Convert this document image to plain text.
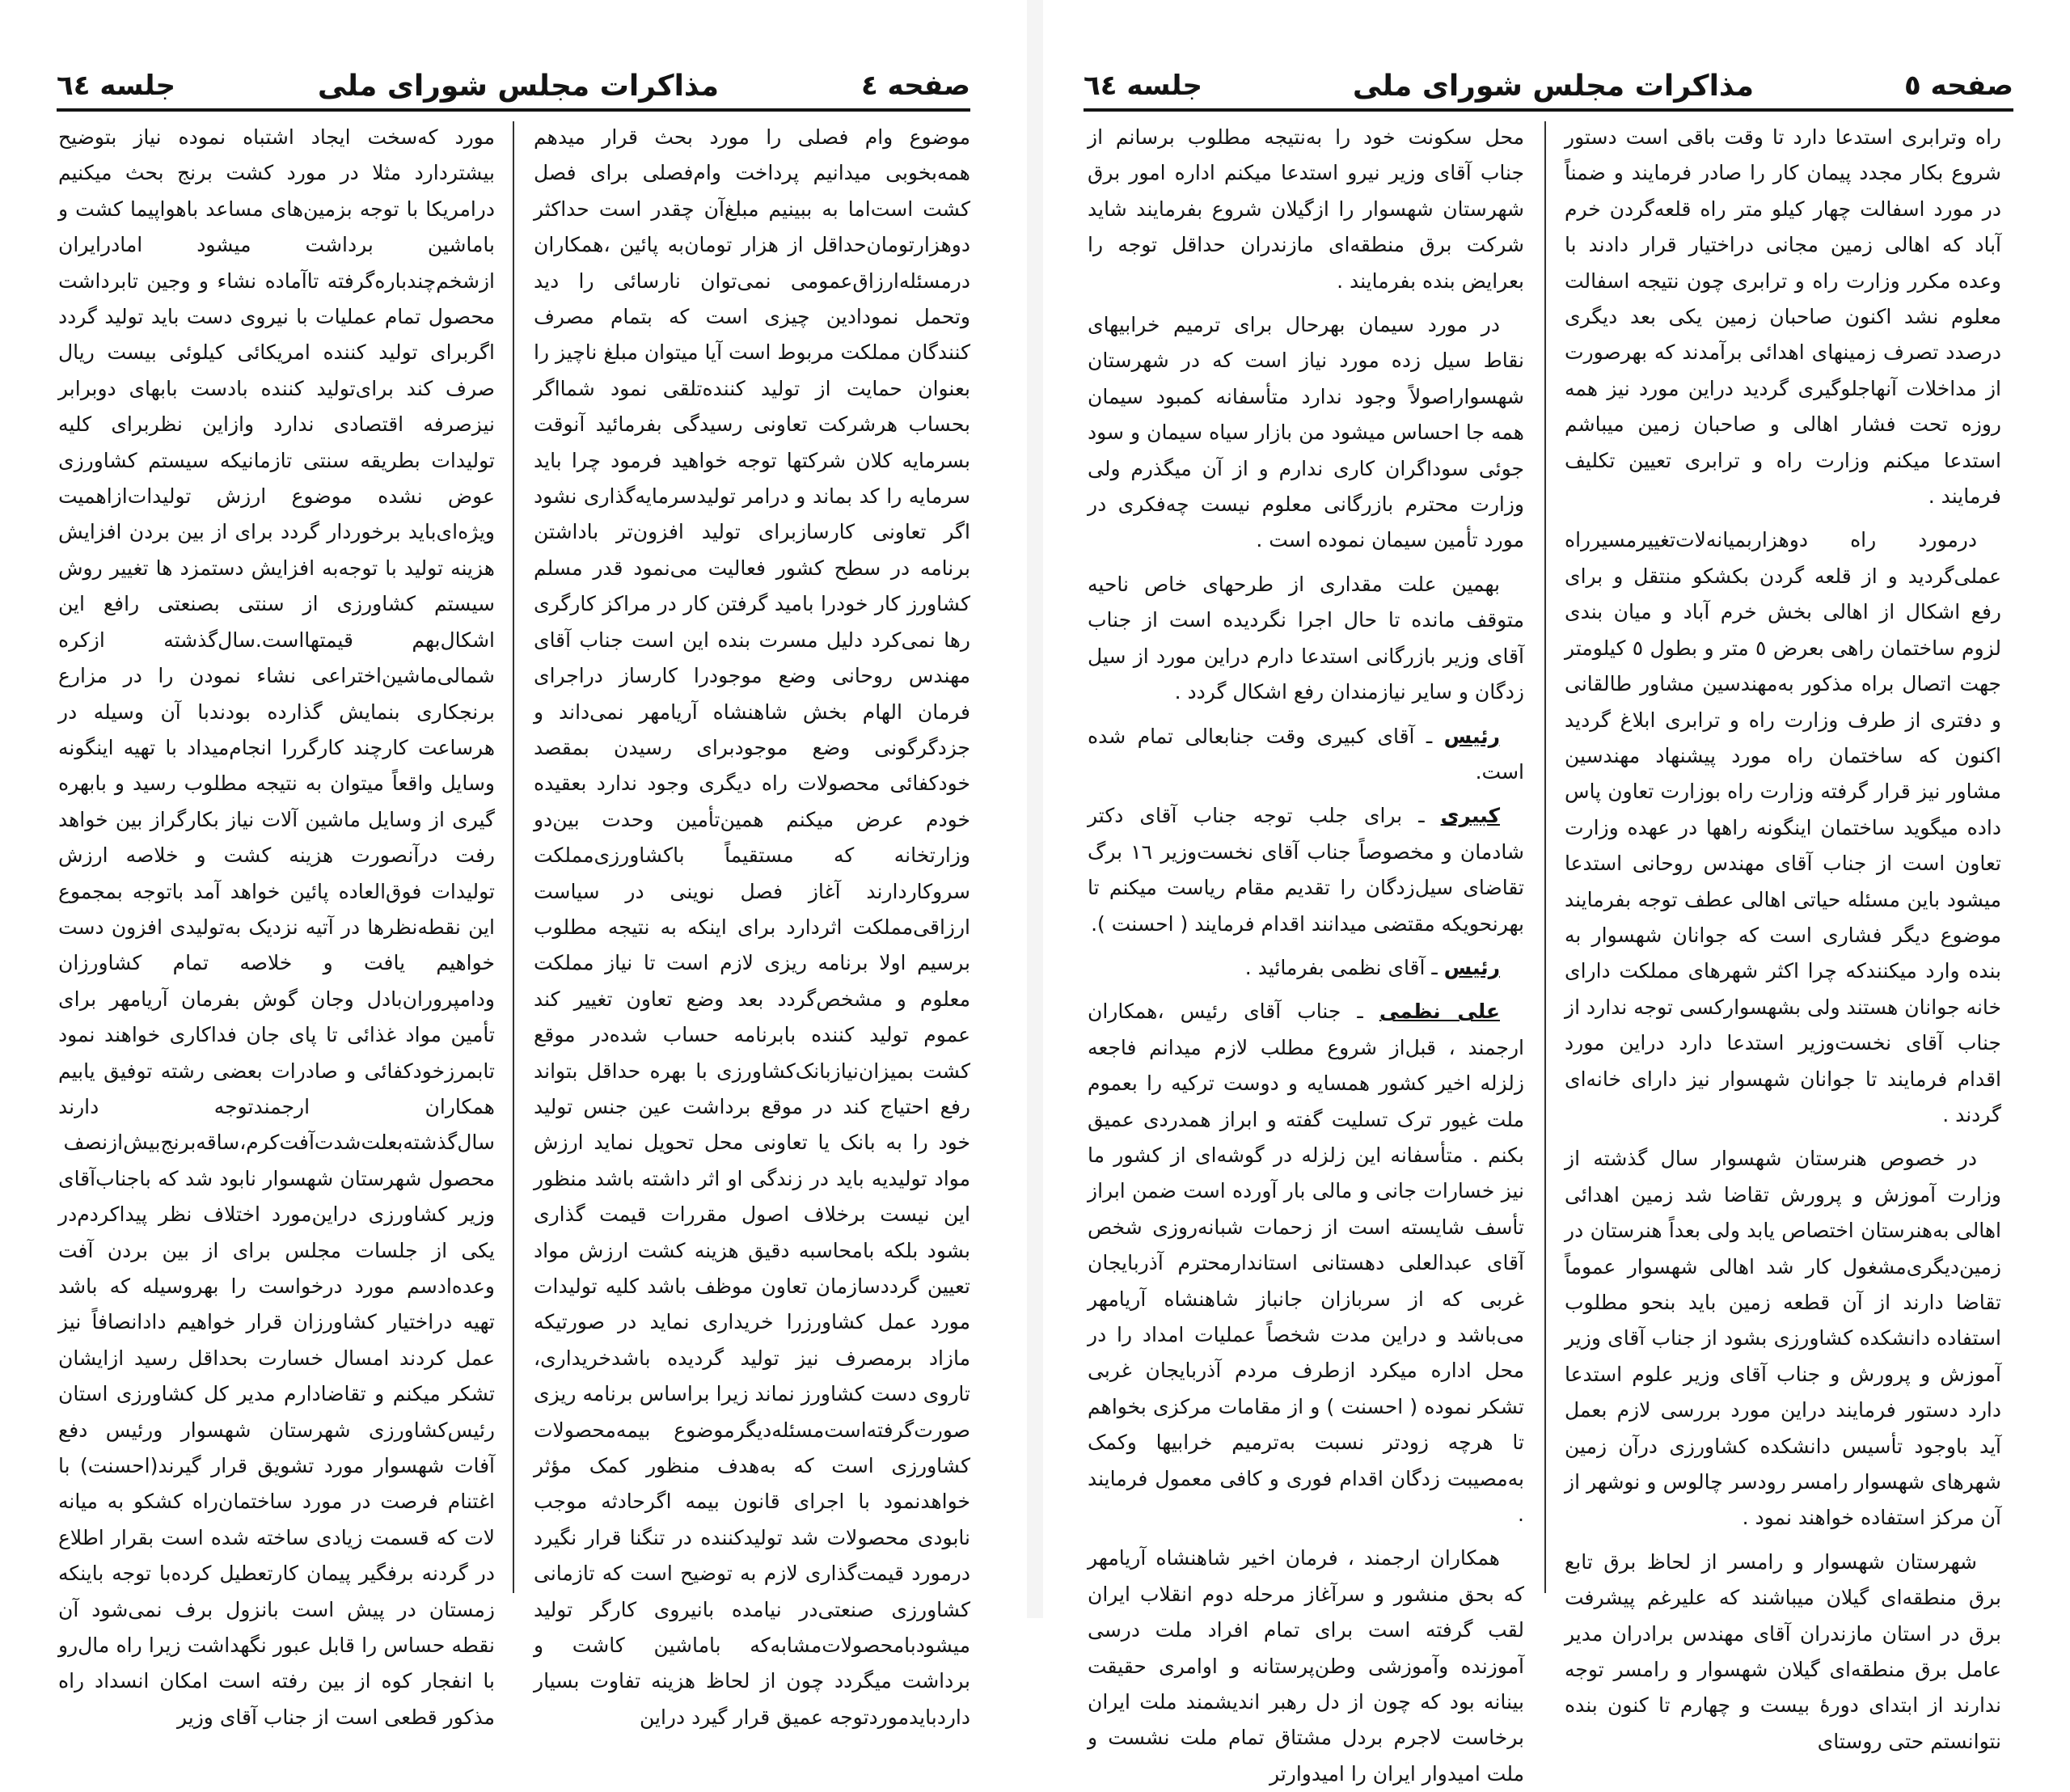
صفحه ٤
مذاکرات مجلس شورای ملی
جلسه ٦٤

موضوع وام فصلی را مورد بحث قرار میدهم همه‌بخوبی میدانیم پرداخت وام‌فصلی برای فصل کشت است‌اما به ببینیم مبلغ‌آن چقدر است حداکثر دوهزارتومان‌حداقل از هزار تومان‌به پائین ،همکاران درمسئله‌ارزاق‌عمومی نمی‌توان نارسائی را دید وتحمل نمودادین چیزی است که بتمام مصرف کنندگان مملکت مربوط است آیا میتوان مبلغ ناچیز را بعنوان حمایت از تولید کننده‌تلقی نمود شمااگر بحساب هرشرکت تعاونی رسیدگی بفرمائید آنوقت بسرمایه کلان شرکتها توجه خواهید فرمود چرا باید سرمایه را کد بماند و درامر تولیدسرمایه‌گذاری نشود اگر تعاونی کارسازبرای تولید افزون‌تر باداشتن برنامه در سطح کشور فعالیت می‌نمود قدر مسلم کشاورز کار خودرا بامید گرفتن کار در مراکز کارگری رها نمی‌کرد دلیل مسرت بنده این است جناب آقای مهندس روحانی وضع موجودرا کارساز دراجرای فرمان الهام بخش شاهنشاه آریامهر نمی‌داند و جزدگرگونی وضع موجودبرای رسیدن بمقصد خودکفائی محصولات راه دیگری وجود ندارد بعقیده خودم عرض میکنم همین‌تأمین وحدت بین‌دو وزارتخانه که مستقیماً باکشاورزی‌مملکت سروکاردارند آغاز فصل نوینی در سیاست ارزاقی‌مملکت اثردارد برای اینکه به نتیجه مطلوب برسیم اولا برنامه ریزی لازم است تا نیاز مملکت معلوم و مشخص‌گردد بعد وضع تعاون تغییر کند عموم تولید کننده بابرنامه حساب شده‌در موقع کشت بمیزان‌نیازبانک‌کشاورزی با بهره حداقل بتواند رفع احتیاج کند در موقع برداشت عین جنس تولید خود را به بانک یا تعاونی محل تحویل نماید ارزش مواد تولیدیه باید در زندگی او اثر داشته باشد منظور این نیست برخلاف اصول مقررات قیمت گذاری بشود بلکه بامحاسبه دقیق هزینه کشت ارزش مواد تعیین گرددسازمان تعاون موظف باشد کلیه تولیدات مورد عمل کشاورزرا خریداری نماید در صورتیکه مازاد برمصرف نیز تولید گردیده باشدخریداری، تاروی دست کشاورز نماند زیرا براساس برنامه ریزی صورت‌گرفته‌است‌مسئله‌دیگرموضوع بیمه‌محصولات کشاورزی است که به‌هدف منظور کمک مؤثر خواهدنمود با اجرای قانون بیمه اگرحادثه موجب نابودی محصولات شد تولیدکننده در تنگنا قرار نگیرد درمورد قیمت‌گذاری لازم به توضیح است که تازمانی کشاورزی صنعتی‌در نیامده بانیروی کارگر تولید میشودبامحصولات‌مشابه‌که باماشین کاشت و برداشت میگردد چون از لحاظ هزینه تفاوت بسیار داردبایدموردتوجه عمیق قرار گیرد دراین

مورد که‌سخت ایجاد اشتباه نموده نیاز بتوضیح بیشتردارد مثلا در مورد کشت برنج بحث میکنیم درامریکا با توجه بزمین‌های مساعد باهواپیما کشت و باماشین برداشت میشود امادرایران ازشخم‌چندباره‌گرفته تاآماده نشاء و وجین تابرداشت محصول تمام عملیات با نیروی دست باید تولید گردد اگربرای تولید کننده امریکائی کیلوئی بیست ریال صرف کند برای‌تولید کننده بادست بابهای دوبرابر نیزصرفه اقتصادی ندارد وازاین نظربرای کلیه تولیدات بطریقه سنتی تازمانیکه سیستم کشاورزی عوض نشده موضوع ارزش تولیدات‌ازاهمیت ویژه‌ای‌باید برخوردار گردد برای از بین بردن افزایش هزینه تولید با توجه‌به افزایش دستمزد ها تغییر روش سیستم کشاورزی از سنتی بصنعتی رافع این اشکال‌بهم قیمتهااست.سال‌گذشته ازکره شمالی‌ماشین‌اختراعی نشاء نمودن را در مزارع برنجکاری بنمایش گذارده بودندبا آن وسیله در هرساعت کارچند کارگررا انجام‌میداد با تهیه اینگونه وسایل واقعاً میتوان به نتیجه مطلوب رسید و بابهره گیری از وسایل ماشین آلات نیاز بکارگراز بین خواهد رفت درآنصورت هزینه کشت و خلاصه ارزش تولیدات فوق‌العاده پائین خواهد آمد باتوجه بمجموع این نقطه‌نظرها در آتیه نزدیک به‌تولیدی افزون دست خواهیم یافت و خلاصه تمام کشاورزان ودامپروران‌بادل وجان گوش بفرمان آریامهر برای تأمین مواد غذائی تا پای جان فداکاری خواهند نمود تابمرزخودکفائی و صادرات بعضی رشته توفیق یابیم همکاران ارجمندتوجه دارند سال‌گذشته‌بعلت‌شدت‌آفت‌کرم،ساقه‌برنج‌بیش‌از‌نصف محصول شهرستان شهسوار نابود شد که باجناب‌آقای وزیر کشاورزی دراین‌مورد اختلاف نظر پیداکردم‌در یکی از جلسات مجلس برای از بین بردن آفت وعده‌ادسم مورد درخواست را بهروسیله که باشد تهیه دراختیار کشاورزان قرار خواهیم دادانصافاً نیز عمل کردند امسال خسارت بحداقل رسید ازایشان تشکر میکنم و تقاضادارم مدیر کل کشاورزی استان رئیس‌کشاورزی شهرستان شهسوار ورئیس دفع آفات شهسوار مورد تشویق قرار گیرند(احسنت) با اغتنام فرصت در مورد ساختمان‌راه کشکو به میانه لات که قسمت زیادی ساخته شده است بقرار اطلاع در گردنه برفگیر پیمان کارتعطیل کرده‌با توجه باینکه زمستان در پیش است بانزول برف نمی‌شود آن نقطه حساس را قابل عبور نگهداشت زیرا راه مال‌رو با انفجار کوه از بین رفته است امکان انسداد راه مذکور قطعی است از جناب آقای وزیر

صفحه ٥
مذاکرات مجلس شورای ملی
جلسه ٦٤

راه وترابری استدعا دارد تا وقت باقی است دستور شروع بکار مجدد پیمان کار را صادر فرمایند و ضمناً در مورد اسفالت چهار کیلو متر راه قلعه‌گردن خرم آباد که اهالی زمین مجانی دراختیار قرار دادند با وعده مکرر وزارت راه و ترابری چون نتیجه اسفالت معلوم نشد اکنون صاحبان زمین یکی بعد دیگری درصدد تصرف زمینهای اهدائی برآمدند که بهرصورت از مداخلات آنهاجلوگیری گردید دراین مورد نیز همه روزه تحت فشار اهالی و صاحبان زمین میباشم استدعا میکنم وزارت راه و ترابری تعیین تکلیف فرمایند .

درمورد راه دوهزاربمیانه‌لات‌تغییرمسیرراه عملی‌گردید و از قلعه گردن بکشکو منتقل و برای رفع اشکال از اهالی بخش خرم آباد و میان بندی لزوم ساختمان راهی بعرض ٥ متر و بطول ٥ کیلومتر جهت اتصال براه مذکور به‌مهندسین مشاور طالقانی و دفتری از طرف وزارت راه و ترابری ابلاغ گردید اکنون که ساختمان راه مورد پیشنهاد مهندسین مشاور نیز قرار گرفته وزارت راه بوزارت تعاون پاس داده میگوید ساختمان اینگونه راهها در عهده وزارت تعاون است از جناب آقای مهندس روحانی استدعا میشود باین مسئله حیاتی اهالی عطف توجه بفرمایند موضوع دیگر فشاری است که جوانان شهسوار به بنده وارد میکنندکه چرا اکثر شهرهای مملکت دارای خانه جوانان هستند ولی بشهسوارکسی توجه ندارد از جناب آقای نخست‌وزیر استدعا دارد دراین مورد اقدام فرمایند تا جوانان شهسوار نیز دارای خانه‌ای گردند .

در خصوص هنرستان شهسوار سال گذشته از وزارت آموزش و پرورش تقاضا شد زمین اهدائی اهالی به‌هنرستان اختصاص یابد ولی بعداً هنرستان در زمین‌دیگری‌مشغول کار شد اهالی شهسوار عموماً تقاضا دارند از آن قطعه زمین باید بنحو مطلوب استفاده دانشکده کشاورزی بشود از جناب آقای وزیر آموزش و پرورش و جناب آقای وزیر علوم استدعا دارد دستور فرمایند دراین مورد بررسی لازم بعمل آید باوجود تأسیس دانشکده کشاورزی درآن زمین شهرهای شهسوار رامسر رودسر چالوس و نوشهر از آن مرکز استفاده خواهند نمود .

شهرستان شهسوار و رامسر از لحاظ برق تابع برق منطقه‌ای گیلان میباشند که علیرغم پیشرفت برق در استان مازندران آقای مهندس برادران مدیر عامل برق منطقه‌ای گیلان شهسوار و رامسر توجه ندارند از ابتدای دورهٔ بیست و چهارم تا کنون بنده نتوانستم حتی روستای

محل سکونت خود را به‌نتیجه مطلوب برسانم از جناب آقای وزیر نیرو استدعا میکنم اداره امور برق شهرستان شهسوار را ازگیلان شروع بفرمایند شاید شرکت برق منطقه‌ای مازندران حداقل توجه را بعرایض بنده بفرمایند .

در مورد سیمان بهرحال برای ترمیم خرابیهای نقاط سیل زده مورد نیاز است که در شهرستان شهسواراصولاً وجود ندارد متأسفانه کمبود سیمان همه جا احساس میشود من بازار سیاه سیمان و سود جوئی سوداگران کاری ندارم و از آن میگذرم ولی وزارت محترم بازرگانی معلوم نیست چه‌فکری در مورد تأمین سیمان نموده است .

بهمین علت مقداری از طرحهای خاص ناحیه متوقف مانده تا حال اجرا نگردیده است از جناب آقای وزیر بازرگانی استدعا دارم دراین مورد از سیل زدگان و سایر نیازمندان رفع اشکال گردد .

رئیس ـ آقای کبیری وقت جنابعالی تمام شده است.

کبیری ـ برای جلب توجه جناب آقای دکتر شادمان و مخصوصاً جناب آقای نخست‌وزیر ١٦ برگ تقاضای سیل‌زدگان را تقدیم مقام ریاست میکنم تا بهرنحویکه مقتضی میدانند اقدام فرمایند ( احسنت ).

رئیس ـ آقای نظمی بفرمائید .

علی نظمی ـ جناب آقای رئیس ،همکاران ارجمند ، قبل‌از شروع مطلب لازم میدانم فاجعه زلزله اخیر کشور همسایه و دوست ترکیه را بعموم ملت غیور ترک تسلیت گفته و ابراز همدردی عمیق بکنم . متأسفانه این زلزله در گوشه‌ای از کشور ما نیز خسارات جانی و مالی بار آورده است ضمن ابراز تأسف شایسته است از زحمات شبانه‌روزی شخص آقای عبدالعلی دهستانی استاندارمحترم آذربایجان غربی که از سربازان جانباز شاهنشاه آریامهر می‌باشد و دراین مدت شخصاً عملیات امداد را در محل اداره میکرد ازطرف مردم آذربایجان غربی تشکر نموده ( احسنت ) و از مقامات مرکزی بخواهم تا هرچه زودتر نسبت به‌ترمیم خرابیها وکمک به‌مصیبت زدگان اقدام فوری و کافی معمول فرمایند .

همکاران ارجمند ، فرمان اخیر شاهنشاه آریامهر که بحق منشور و سرآغاز مرحله دوم انقلاب ایران لقب گرفته است برای تمام افراد ملت درسی آموزنده وآموزشی وطن‌پرستانه و اوامری حقیقت بینانه بود که چون از دل رهبر اندیشمند ملت ایران برخاست لاجرم بردل مشتاق تمام ملت نشست و ملت امیدوار ایران را امیدوارتر
